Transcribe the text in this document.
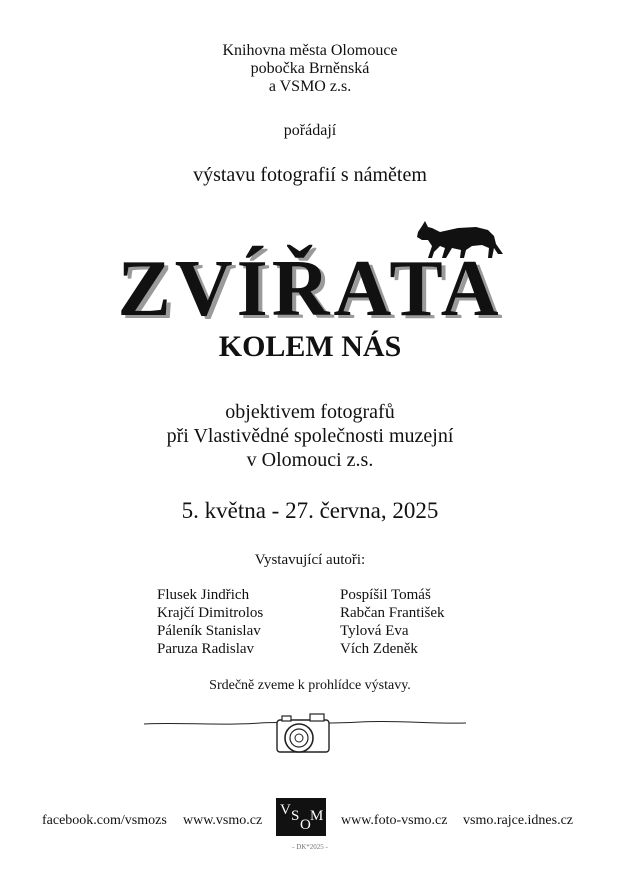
Knihovna města Olomouce
pobočka Brněnská
a VSMO z.s.
pořádají
výstavu fotografií s námětem
ZVÍŘATA
KOLEM NÁS
objektivem fotografů
při Vlastivědné společnosti muzejní
v Olomouci z.s.
5. května - 27. června, 2025
Vystavující autoři:
Flusek Jindřich
Krajčí Dimitrolos
Páleník Stanislav
Paruza Radislav
Pospíšil Tomáš
Rabčan František
Tylová Eva
Vích Zdeněk
Srdečně zveme k prohlídce výstavy.
facebook.com/vsmozs www.vsmo.cz
V S
O
M www.foto-vsmo.cz vsmo.rajce.idnes.cz
- DK*2025 -
